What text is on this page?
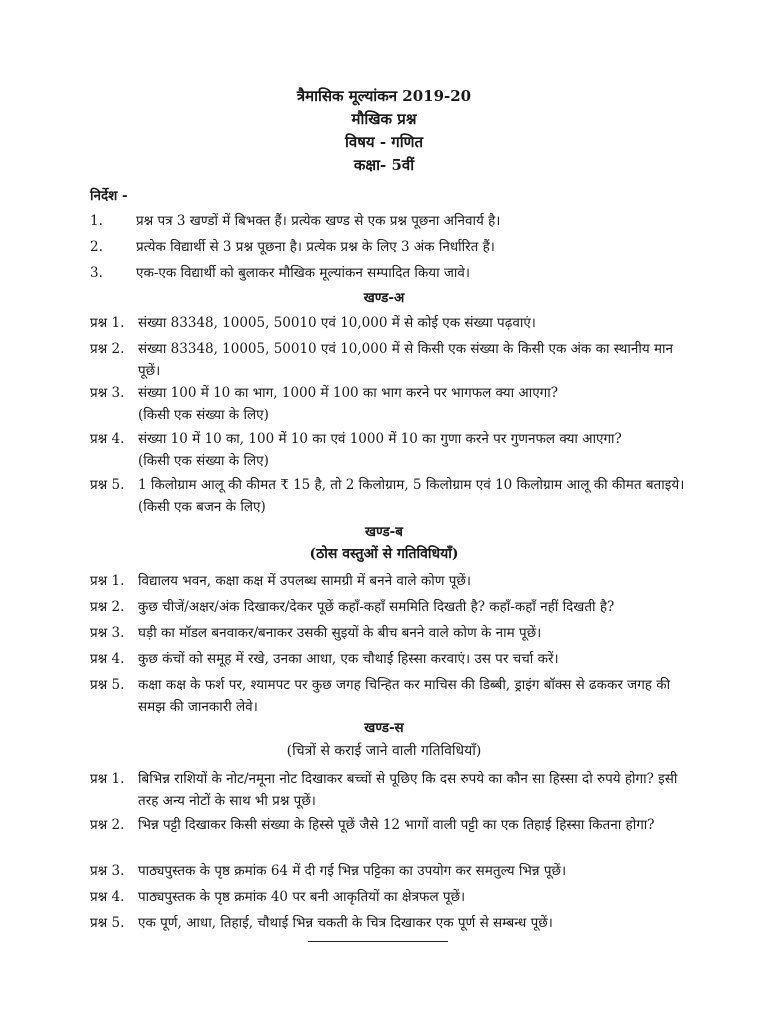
त्रैमासिक मूल्यांकन 2019-20
मौखिक प्रश्न
विषय - गणित
कक्षा- 5वीं
निर्देश -
1. प्रश्न पत्र 3 खण्डों में बिभक्त हैं। प्रत्येक खण्ड से एक प्रश्न पूछना अनिवार्य है।
2. प्रत्येक विद्यार्थी से 3 प्रश्न पूछना है। प्रत्येक प्रश्न के लिए 3 अंक निर्धारित हैं।
3. एक-एक विद्यार्थी को बुलाकर मौखिक मूल्यांकन सम्पादित किया जावे।
खण्ड-अ
प्रश्न 1. संख्या 83348, 10005, 50010 एवं 10,000 में से कोई एक संख्या पढ़वाएं।
प्रश्न 2. संख्या 83348, 10005, 50010 एवं 10,000 में से किसी एक संख्या के किसी एक अंक का स्थानीय मान पूछें।
प्रश्न 3. संख्या 100 में 10 का भाग, 1000 में 100 का भाग करने पर भागफल क्या आएगा?
(किसी एक संख्या के लिए)
प्रश्न 4. संख्या 10 में 10 का, 100 में 10 का एवं 1000 में 10 का गुणा करने पर गुणनफल क्या आएगा?
(किसी एक संख्या के लिए)
प्रश्न 5. 1 किलोग्राम आलू की कीमत ₹ 15 है, तो 2 किलोग्राम, 5 किलोग्राम एवं 10 किलोग्राम आलू की कीमत बताइये। (किसी एक बजन के लिए)
खण्ड-ब
(ठोस वस्तुओं से गतिविधियाँ)
प्रश्न 1. विद्यालय भवन, कक्षा कक्ष में उपलब्ध सामग्री में बनने वाले कोण पूछें।
प्रश्न 2. कुछ चीजें/अक्षर/अंक दिखाकर/देकर पूछें कहाँ-कहाँ सममिति दिखती है? कहाँ-कहाँ नहीं दिखती है?
प्रश्न 3. घड़ी का मॉडल बनवाकर/बनाकर उसकी सुइयों के बीच बनने वाले कोण के नाम पूछें।
प्रश्न 4. कुछ कंचों को समूह में रखे, उनका आधा, एक चौथाई हिस्सा करवाएं। उस पर चर्चा करें।
प्रश्न 5. कक्षा कक्ष के फर्श पर, श्यामपट पर कुछ जगह चिन्हित कर माचिस की डिब्बी, ड्राइंग बॉक्स से ढककर जगह की समझ की जानकारी लेवे।
खण्ड-स
(चित्रों से कराई जाने वाली गतिविधियाँ)
प्रश्न 1. बिभिन्न राशियों के नोट/नमूना नोट दिखाकर बच्चों से पूछिए कि दस रुपये का कौन सा हिस्सा दो रुपये होगा? इसी तरह अन्य नोटों के साथ भी प्रश्न पूछें।
प्रश्न 2. भिन्न पट्टी दिखाकर किसी संख्या के हिस्से पूछें जैसे 12 भागों वाली पट्टी का एक तिहाई हिस्सा कितना होगा?
प्रश्न 3. पाठ्यपुस्तक के पृष्ठ क्रमांक 64 में दी गई भिन्न पट्टिका का उपयोग कर समतुल्य भिन्न पूछें।
प्रश्न 4. पाठ्यपुस्तक के पृष्ठ क्रमांक 40 पर बनी आकृतियों का क्षेत्रफल पूछें।
प्रश्न 5. एक पूर्ण, आधा, तिहाई, चौथाई भिन्न चकती के चित्र दिखाकर एक पूर्ण से सम्बन्ध पूछें।
